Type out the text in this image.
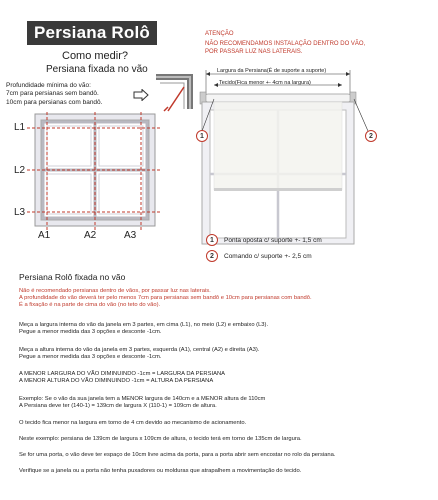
Persiana Rolô
Como medir?
Persiana fixada no vão
Profundidade mínima do vão:
7cm para persianas sem bandô.
10cm para persianas com bandô.
L1
L2
L3
A1	A2	A3
ATENÇÃO
NÃO RECOMENDAMOS INSTALAÇÃO DENTRO DO VÃO,
POR PASSAR LUZ NAS LATERAIS.
Largura da Persiana(É de suporte a suporte)
Tecido(Fica menor +- 4cm na largura)
1	2
1	Ponta oposta c/ suporte +- 1,5 cm
2	Comando c/ suporte +- 2,5 cm
Persiana Rolô fixada no vão

Não é recomendado persianas dentro de vãos, por passar luz nas laterais.

A profundidade do vão deverá ter pelo menos 7cm para persianas sem bandô e 10cm para persianas com bandô.

É a fixação é na parte de cima do vão (no teto do vão).

Meça a largura interna do vão da janela em 3 partes, em cima (L1), no meio (L2) e embaixo (L3).

Pegue a menor medida das 3 opções e desconte -1cm.

Meça a altura interna do vão da janela em 3 partes, esquerda (A1), central (A2) e direita (A3).

Pegue a menor medida das 3 opções e desconte -1cm.

A MENOR LARGURA DO VÃO DIMINUINDO -1cm = LARGURA DA PERSIANA

A MENOR ALTURA DO VÃO DIMINUINDO -1cm = ALTURA DA PERSIANA

Exemplo: Se o vão da sua janela tem a MENOR largura de 140cm e a MENOR altura de 110cm

A Persiana deve ter (140-1) = 139cm de largura X (110-1) = 109cm de altura.

O tecido fica menor na largura em torno de 4 cm devido ao mecanismo de acionamento.
Neste exemplo: persiana de 139cm de largura x 109cm de altura, o tecido terá em torno de 135cm de largura.
Se for uma porta, o vão deve ter espaço de 10cm livre acima da porta, para a porta abrir sem encostar no rolo da persiana.
Verifique se a janela ou a porta não tenha puxadores ou molduras que atrapalhem a movimentação do tecido.
